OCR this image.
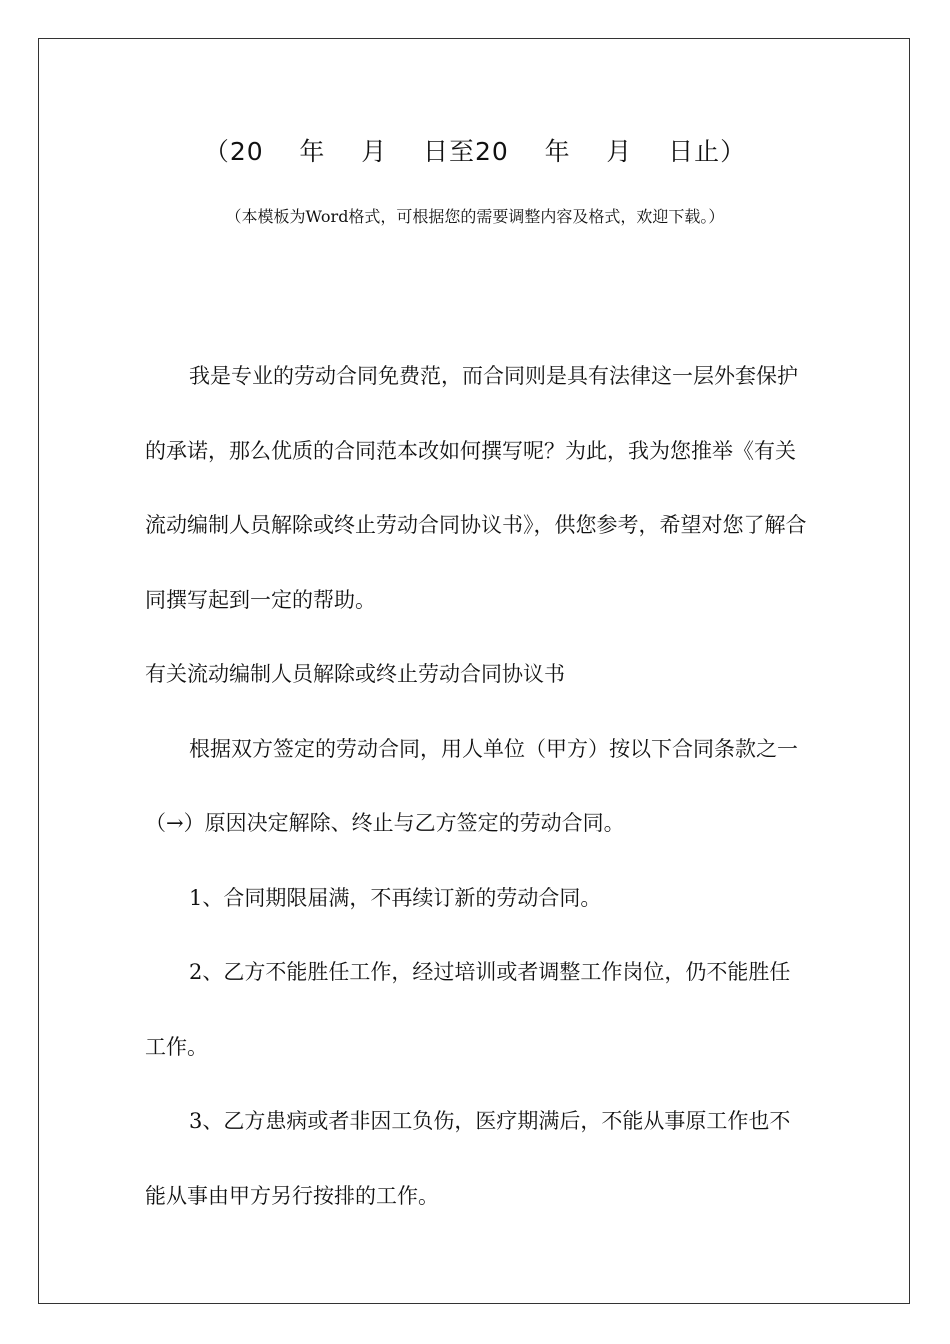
（20    年    月    日至20    年    月    日止）
（本模板为Word格式，可根据您的需要调整内容及格式，欢迎下载。）

我是专业的劳动合同免费范，而合同则是具有法律这一层外套保护的承诺，那么优质的合同范本改如何撰写呢？为此，我为您推举《有关流动编制人员解除或终止劳动合同协议书》，供您参考，希望对您了解合同撰写起到一定的帮助。

有关流动编制人员解除或终止劳动合同协议书

根据双方签定的劳动合同，用人单位（甲方）按以下合同条款之一（→）原因决定解除、终止与乙方签定的劳动合同。

1、合同期限届满，不再续订新的劳动合同。

2、乙方不能胜任工作，经过培训或者调整工作岗位，仍不能胜任工作。

3、乙方患病或者非因工负伤，医疗期满后，不能从事原工作也不能从事由甲方另行按排的工作。
